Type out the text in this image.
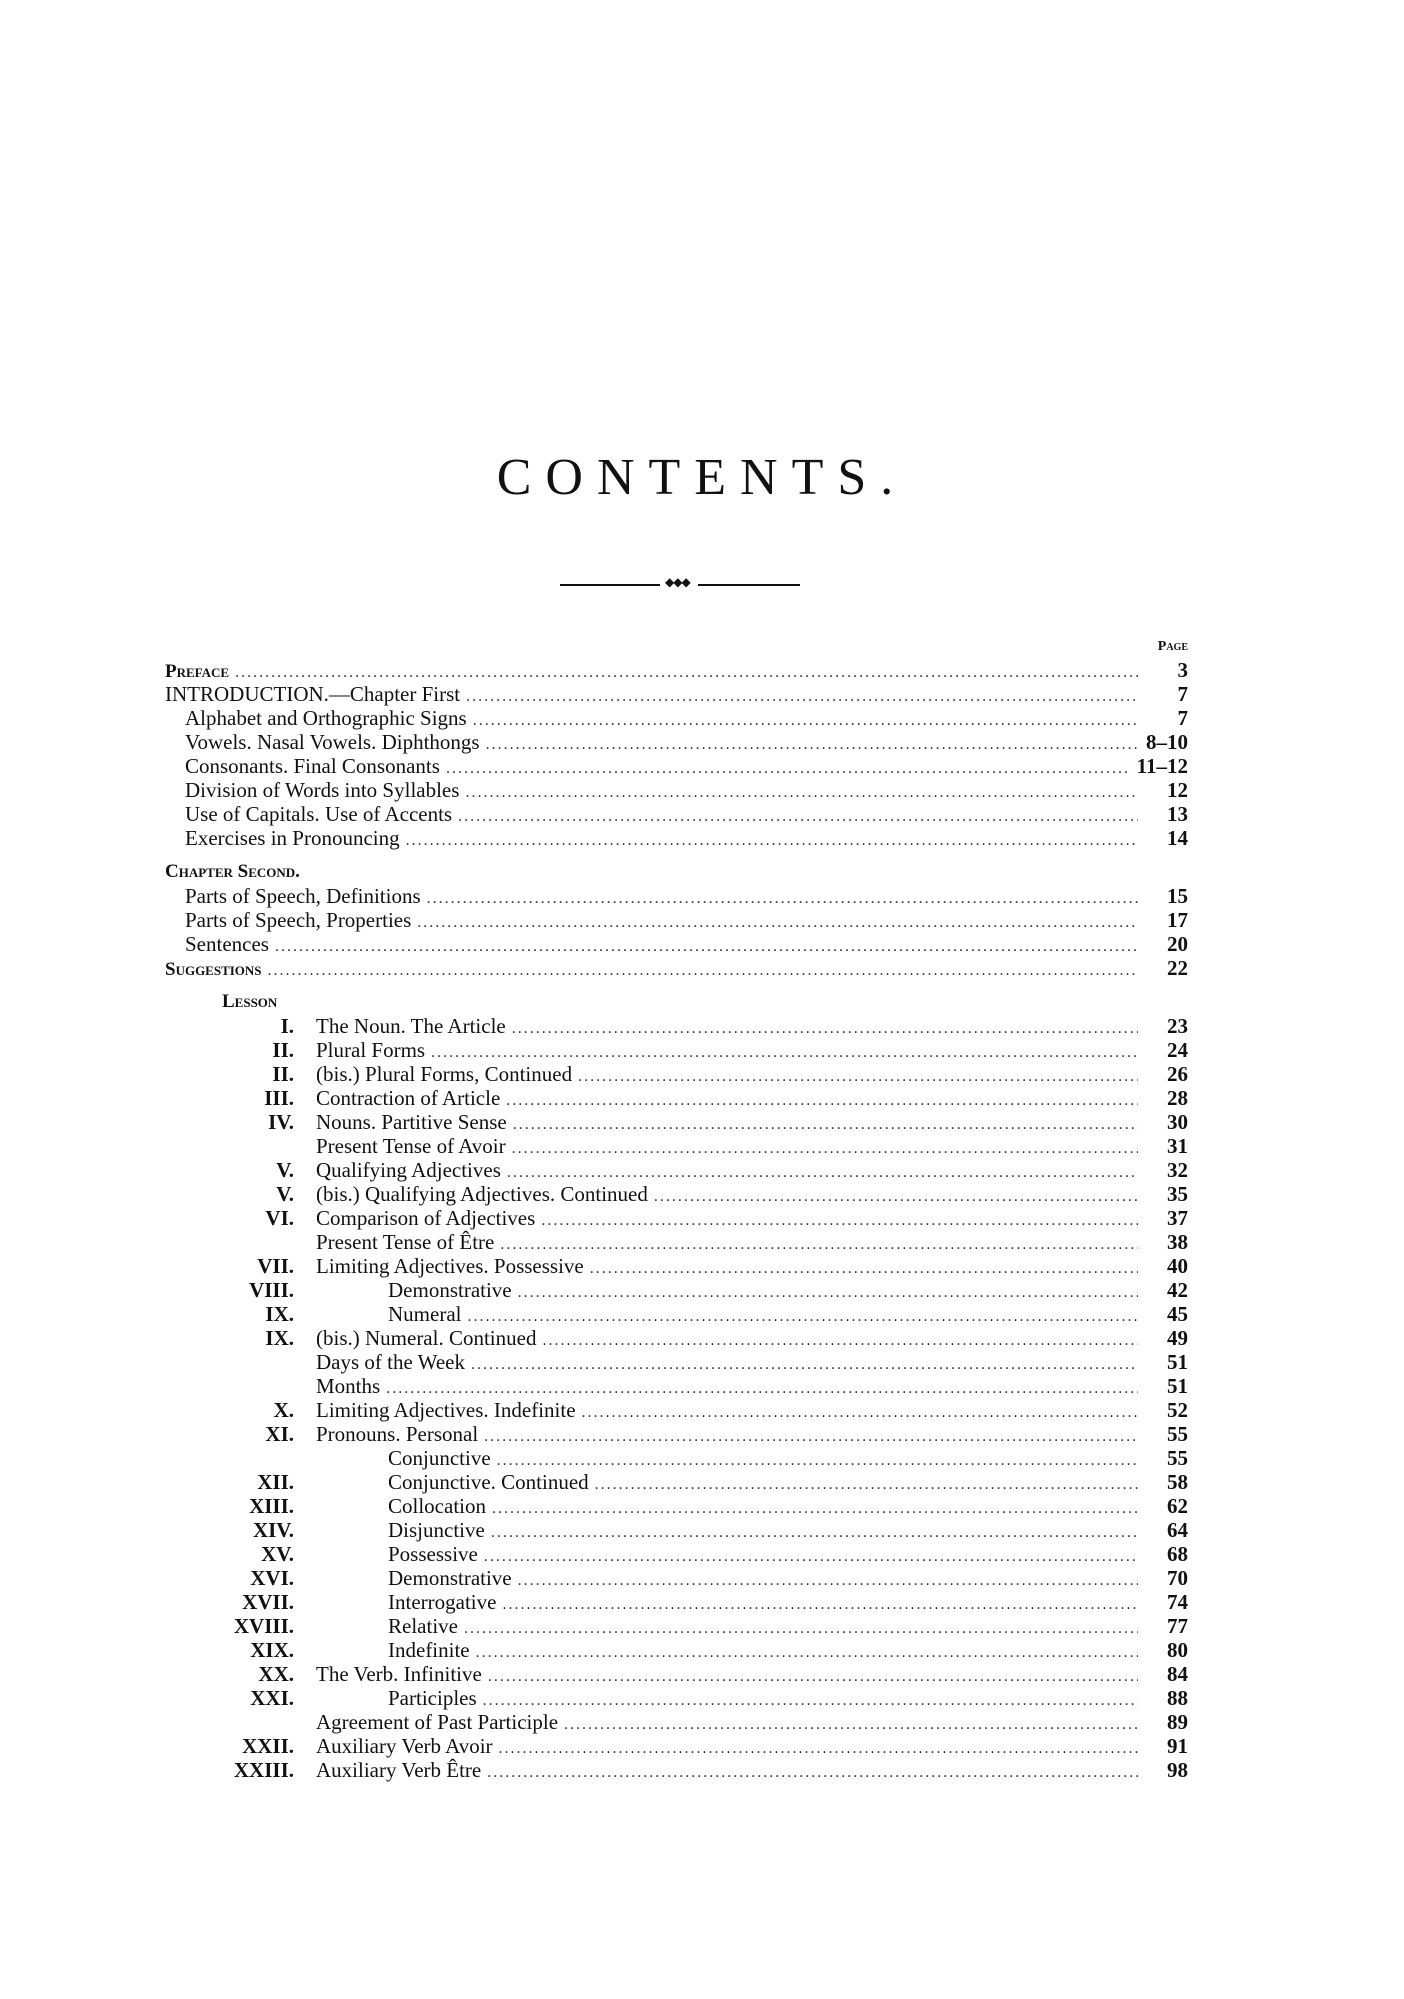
CONTENTS.
◆◆◆
Page
Preface .....	3
INTRODUCTION.—Chapter First .....	7
Alphabet and Orthographic Signs .....	7
Vowels. Nasal Vowels. Diphthongs .....	8–10
Consonants. Final Consonants .....	11–12
Division of Words into Syllables .....	12
Use of Capitals. Use of Accents .....	13
Exercises in Pronouncing .....	14
Chapter Second.
Parts of Speech, Definitions .....	15
Parts of Speech, Properties .....	17
Sentences .....	20
Suggestions .....	22
Lesson
I. The Noun. The Article .....	23
II. Plural Forms .....	24
II. (bis.) Plural Forms, Continued .....	26
III. Contraction of Article .....	28
IV. Nouns. Partitive Sense .....	30
Present Tense of Avoir .....	31
V. Qualifying Adjectives .....	32
V. (bis.) Qualifying Adjectives. Continued .....	35
VI. Comparison of Adjectives .....	37
Present Tense of Être .....	38
VII. Limiting Adjectives. Possessive .....	40
VIII.	Demonstrative .....	42
IX.	Numeral .....	45
IX. (bis.) Numeral. Continued .....	49
Days of the Week .....	51
Months .....	51
X. Limiting Adjectives. Indefinite .....	52
XI. Pronouns. Personal .....	55
Conjunctive .....	55
XII.	Conjunctive. Continued .....	58
XIII.	Collocation .....	62
XIV.	Disjunctive .....	64
XV.	Possessive .....	68
XVI.	Demonstrative .....	70
XVII.	Interrogative .....	74
XVIII.	Relative .....	77
XIX.	Indefinite .....	80
XX. The Verb. Infinitive .....	84
XXI.	Participles .....	88
Agreement of Past Participle .....	89
XXII. Auxiliary Verb Avoir .....	91
XXIII. Auxiliary Verb Être .....	98
